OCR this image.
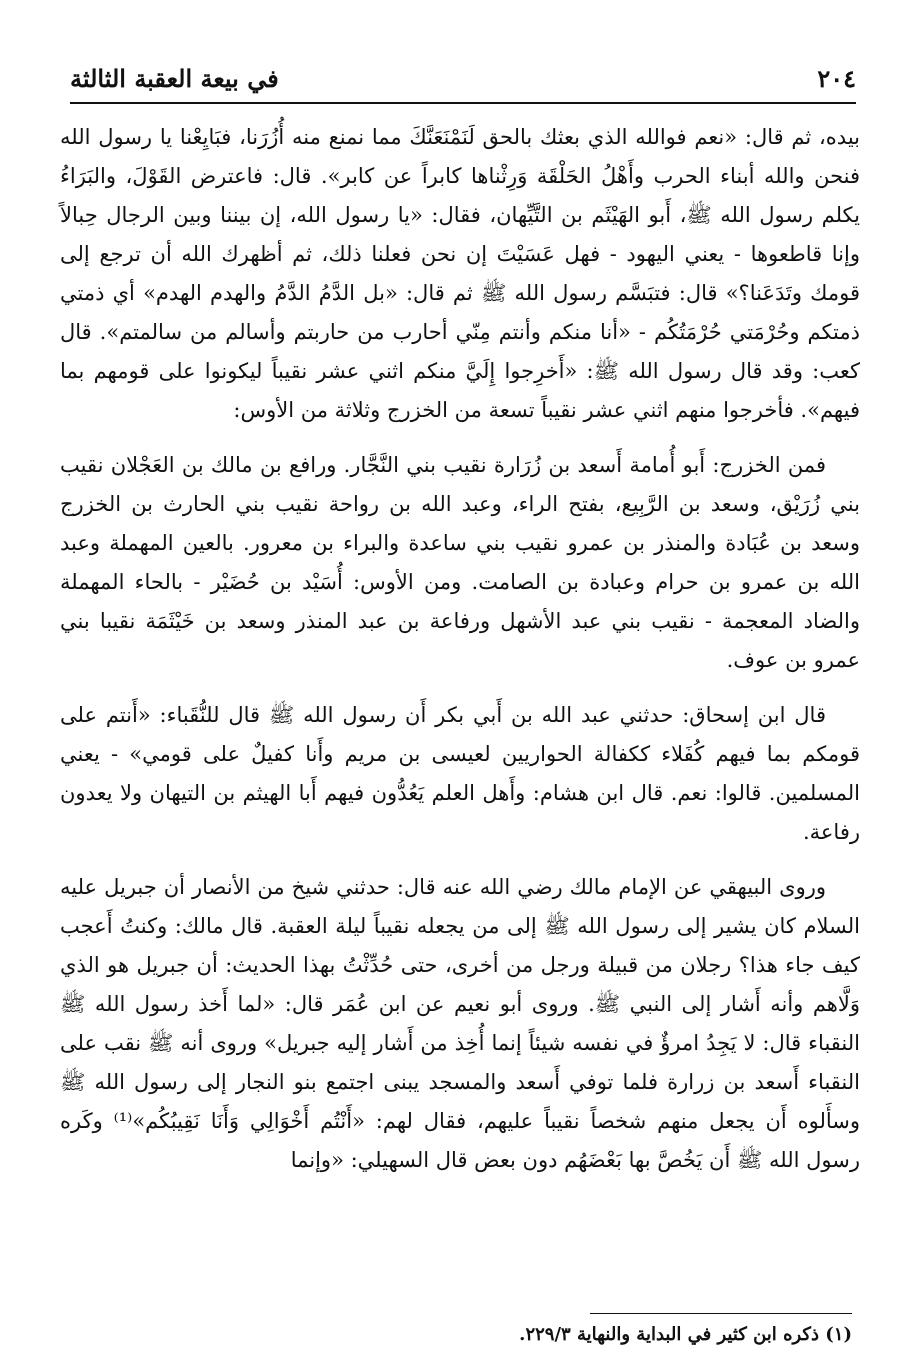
٢٠٤
في بيعة العقبة الثالثة

بيده، ثم قال: «نعم فوالله الذي بعثك بالحق لَنَمْنَعَنَّكَ مما نمنع منه أُزُرَنا، فبَايِعْنا يا رسول الله فنحن والله أبناء الحرب وأَهْلُ الحَلْقَة وَرِثْناها كابراً عن كابر». قال: فاعترض القَوْلَ، والبَرَاءُ يكلم رسول الله ﷺ، أَبو الهَيْثَم بن التَّيِّهان، فقال: «يا رسول الله، إن بيننا وبين الرجال حِبالاً وإنا قاطعوها - يعني اليهود - فهل عَسَيْتَ إن نحن فعلنا ذلك، ثم أظهرك الله أن ترجع إلى قومك وتَدَعَنا؟» قال: فتبَسَّم رسول الله ﷺ ثم قال: «بل الدَّمُ الدَّمُ والهدم الهدم» أي ذمتي ذمتكم وحُرْمَتي حُرْمَتُكُم - «أنا منكم وأنتم مِنّي أحارب من حاربتم وأسالم من سالمتم». قال كعب: وقد قال رسول الله ﷺ: «أَخرِجوا إِلَيَّ منكم اثني عشر نقيباً ليكونوا على قومهم بما فيهم». فأخرجوا منهم اثني عشر نقيباً تسعة من الخزرج وثلاثة من الأوس:

فمن الخزرج: أَبو أُمامة أَسعد بن زُرَارة نقيب بني النَّجَّار. ورافع بن مالك بن العَجْلان نقيب بني زُرَيْق، وسعد بن الرَّبِيع، بفتح الراء، وعبد الله بن رواحة نقيب بني الحارث بن الخزرج وسعد بن عُبَادة والمنذر بن عمرو نقيب بني ساعدة والبراء بن معرور. بالعين المهملة وعبد الله بن عمرو بن حرام وعبادة بن الصامت. ومن الأوس: أُسَيْد بن حُضَيْر - بالحاء المهملة والضاد المعجمة - نقيب بني عبد الأشهل ورفاعة بن عبد المنذر وسعد بن خَيْثَمَة نقيبا بني عمرو بن عوف.

قال ابن إسحاق: حدثني عبد الله بن أَبي بكر أَن رسول الله ﷺ قال للنُّقَباء: «أَنتم على قومكم بما فيهم كُفَلاء ككفالة الحواريين لعيسى بن مريم وأَنا كفيلٌ على قومي» - يعني المسلمين. قالوا: نعم. قال ابن هشام: وأَهل العلم يَعُدُّون فيهم أَبا الهيثم بن التيهان ولا يعدون رفاعة.

وروى البيهقي عن الإمام مالك رضي الله عنه قال: حدثني شيخ من الأنصار أن جبريل عليه السلام كان يشير إلى رسول الله ﷺ إلى من يجعله نقيباً ليلة العقبة. قال مالك: وكنتُ أَعجب كيف جاء هذا؟ رجلان من قبيلة ورجل من أخرى، حتى حُدِّثْتُ بهذا الحديث: أن جبريل هو الذي وَلَّاهم وأنه أَشار إلى النبي ﷺ. وروى أبو نعيم عن ابن عُمَر قال: «لما أَخذ رسول الله ﷺ النقباء قال: لا يَجِدُ امرؤٌ في نفسه شيئاً إنما أُخِذ من أَشار إليه جبريل» وروى أنه ﷺ نقب على النقباء أَسعد بن زرارة فلما توفي أَسعد والمسجد يبنى اجتمع بنو النجار إلى رسول الله ﷺ وسأَلوه أَن يجعل منهم شخصاً نقيباً عليهم، فقال لهم: «أَنْتُم أَخْوَالِي وَأَنَا نَقِيبُكُم»⁽¹⁾ وكَره رسول الله ﷺ أَن يَخُصَّ بها بَعْضَهُم دون بعض قال السهيلي: «وإنما

(١) ذكره ابن كثير في البداية والنهاية ٢٢٩/٣.
